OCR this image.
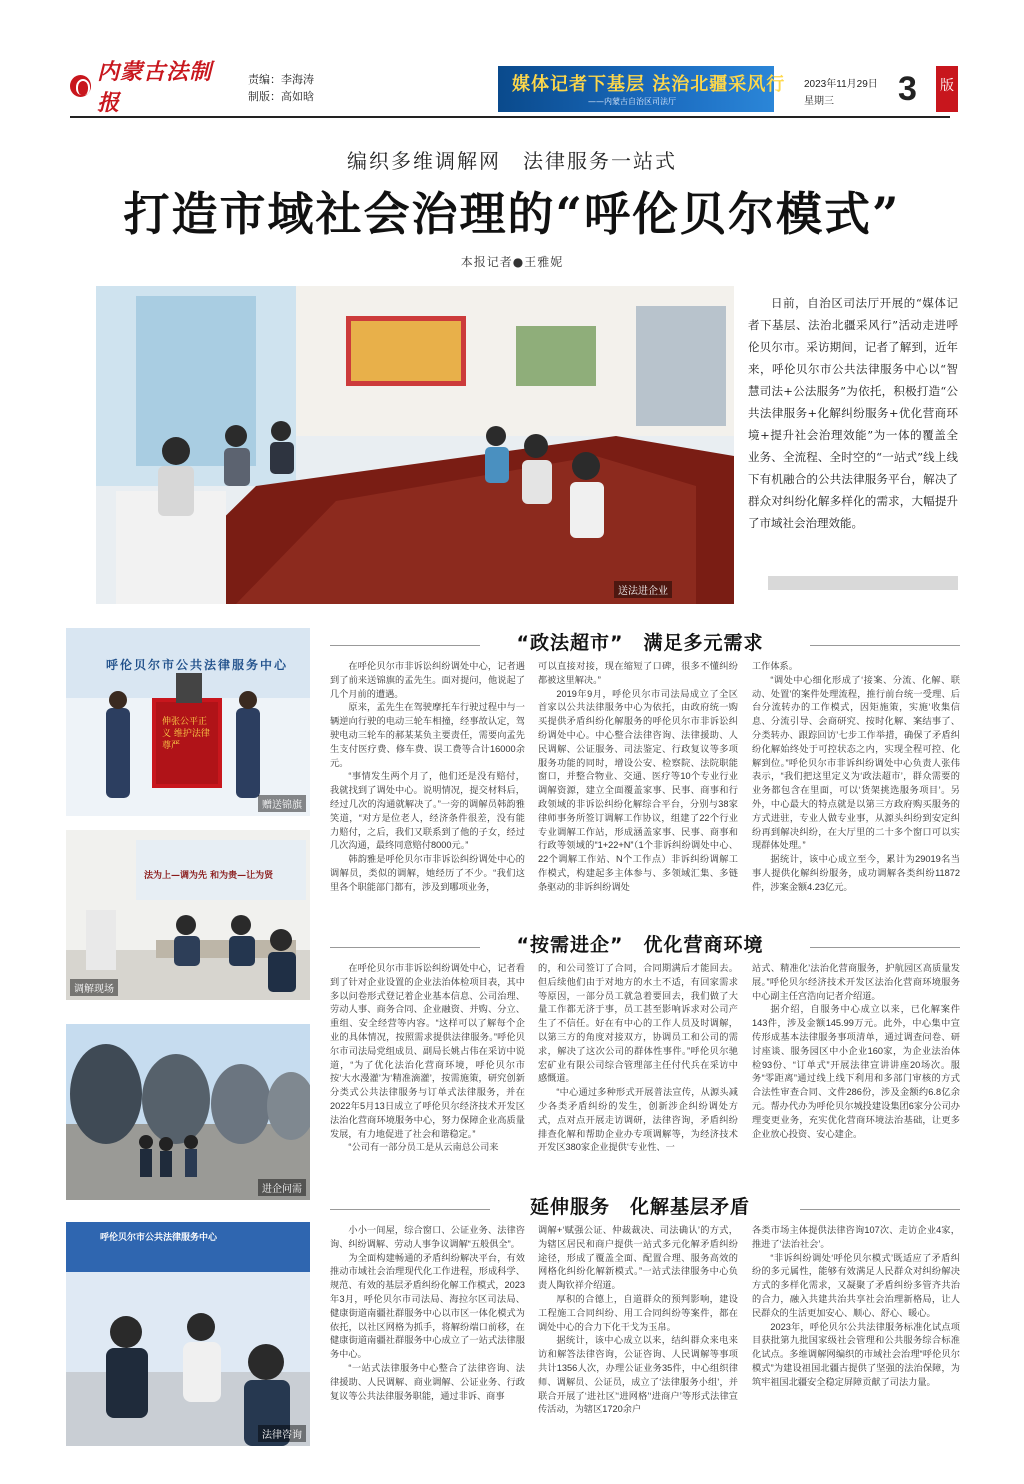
内蒙古法制报
责编：李海涛
制版：高如晗
媒体记者下基层 法治北疆采风行
——内蒙古自治区司法厅
2023年11月29日
星期三	3 版
编织多维调解网　法律服务一站式
打造市域社会治理的“呼伦贝尔模式”
本报记者●王雅妮
送法进企业
日前，自治区司法厅开展的“媒体记者下基层、法治北疆采风行”活动走进呼伦贝尔市。采访期间，记者了解到，近年来，呼伦贝尔市公共法律服务中心以“智慧司法+公法服务”为依托，积极打造“公共法律服务+化解纠纷服务+优化营商环境+提升社会治理效能”为一体的覆盖全业务、全流程、全时空的“一站式”线上线下有机融合的公共法律服务平台，解决了群众对纠纷化解多样化的需求，大幅提升了市域社会治理效能。
呼伦贝尔市公共法律服务中心
伸张公平正义 维护法律尊严
赠送锦旗
法为上—调为先 和为贵—让为贤
调解现场
进企问需
呼伦贝尔市公共法律服务中心
法律咨询
“政法超市”　满足多元需求

在呼伦贝尔市非诉讼纠纷调处中心，记者遇到了前来送锦旗的孟先生。面对提问，他说起了几个月前的遭遇。

原来，孟先生在驾驶摩托车行驶过程中与一辆逆向行驶的电动三轮车相撞，经事故认定，驾驶电动三轮车的郝某某负主要责任，需要向孟先生支付医疗费、修车费、误工费等合计16000余元。

“事情发生两个月了，他们还是没有赔付，我就找到了调处中心。说明情况，提交材料后，经过几次的沟通就解决了。”一旁的调解员韩韵雅笑道，“对方是位老人，经济条件很差，没有能力赔付，之后，我们又联系到了他的子女，经过几次沟通，最终同意赔付8000元。”

韩韵雅是呼伦贝尔市非诉讼纠纷调处中心的调解员，类似的调解，她经历了不少。“我们这里各个职能部门都有，涉及到哪项业务，

可以直接对接，现在缩短了口碑，很多不懂纠纷都被这里解决。”

2019年9月，呼伦贝尔市司法局成立了全区首家以公共法律服务中心为依托，由政府统一购买提供矛盾纠纷化解服务的呼伦贝尔市非诉讼纠纷调处中心。中心整合法律咨询、法律援助、人民调解、公证服务、司法鉴定、行政复议等多项服务功能的同时，增设公安、检察院、法院职能窗口，并整合物业、交通、医疗等10个专业行业调解资源，建立全面覆盖家事、民事、商事和行政领域的非诉讼纠纷化解综合平台，分别与38家律师事务所签订调解工作协议，组建了22个行业专业调解工作站，形成涵盖家事、民事、商事和行政等领域的“1+22+N”（1个非诉纠纷调处中心、22个调解工作站、N个工作点）非诉纠纷调解工作模式，构建起多主体参与、多领域汇集、多链条驱动的非诉纠纷调处

工作体系。

“调处中心细化形成了‘接案、分流、化解、联动、处置’的案件处理流程，推行前台统一受理、后台分流转办的工作模式，因矩施策，实施‘收集信息、分流引导、会商研究、按时化解、案结事了、分类转办、跟踪回访’七步工作举措，确保了矛盾纠纷化解始终处于可控状态之内，实现全程可控、化解到位。”呼伦贝尔市非诉纠纷调处中心负责人张伟表示，“我们把这里定义为‘政法超市’，群众需要的业务都包含在里面，可以‘货架挑选服务项目’。另外，中心最大的特点就是以第三方政府购买服务的方式进驻，专业人做专业事，从源头纠纷到安定纠纷再到解决纠纷，在大厅里的二十多个窗口可以实现群体处理。”

据统计，该中心成立至今，累计为29019名当事人提供化解纠纷服务，成功调解各类纠纷11872件，涉案金额4.23亿元。

“按需进企”　优化营商环境

在呼伦贝尔市非诉讼纠纷调处中心，记者看到了针对企业设置的企业法治体检项目表，其中多以问卷形式登记着企业基本信息、公司治理、劳动人事、商务合同、企业融资、并购、分立、重组、安全经营等内容。“这样可以了解每个企业的具体情况，按照需求提供法律服务。”呼伦贝尔市司法局党组成员、副局长姚占伟在采访中说道，“为了优化法治化营商环境，呼伦贝尔市按‘大水漫灌’为‘精准滴灌’，按需施策，研究创新分类式公共法律服务与订单式法律服务，并在2022年5月13日成立了呼伦贝尔经济技术开发区法治化营商环境服务中心，努力保障企业高质量发展，有力地促进了社会和谐稳定。”

“公司有一部分员工是从云南总公司来

的，和公司签订了合同，合同期满后才能回去。但后续他们由于对地方的水土不适，有回家需求等原因，一部分员工就急着要回去，我们做了大量工作都无济于事，员工甚至影响诉求对公司产生了不信任。好在有中心的工作人员及时调解，以第三方的角度对接双方，协调员工和公司的需求，解决了这次公司的群体性事件。”呼伦贝尔驰宏矿业有限公司综合管理部主任付代兵在采访中感慨道。

“中心通过多种形式开展普法宣传，从源头减少各类矛盾纠纷的发生，创新涉企纠纷调处方式，点对点开展走访调研，法律咨询，矛盾纠纷排查化解和帮助企业办专项调解等，为经济技术开发区380家企业提供‘专业性、一

站式、精准化’法治化营商服务，护航园区高质量发展。”呼伦贝尔经济技术开发区法治化营商环境服务中心副主任宫浩向记者介绍道。

据介绍，自服务中心成立以来，已化解案件143件，涉及金额145.99万元。此外，中心集中宣传形成基本法律服务事项清单，通过调查问卷、研讨座谈、服务园区中小企业160家，为企业法治体检93份、“订单式”开展法律宣讲讲座20场次。服务“零距离”通过线上线下利用和多部门审核的方式合法性审查合同、文件286份，涉及金额约6.8亿余元。帮办代办为呼伦贝尔城投建设集团6家分公司办理变更业务，充实优化营商环境法治基础，让更多企业放心投资、安心建企。

延伸服务　化解基层矛盾

小小一间屋，综合窗口、公证业务、法律咨询、纠纷调解、劳动人事争议调解“五般俱全”。

为全面构建畅通的矛盾纠纷解决平台，有效推动市域社会治理现代化工作进程，形成科学、规范、有效的基层矛盾纠纷化解工作模式，2023年3月，呼伦贝尔市司法局、海拉尔区司法局、健康街道南疆社群服务中心以市区一体化模式为依托，以社区网格为抓手，将解纷端口前移，在健康街道南疆社群服务中心成立了一站式法律服务中心。

“一站式法律服务中心整合了法律咨询、法律援助、人民调解、商业调解、公证业务、行政复议等公共法律服务职能，通过非诉、商事

调解+‘赋强公证、仲裁裁决、司法确认’的方式，为辖区居民和商户提供一站式多元化解矛盾纠纷途径，形成了覆盖全面、配置合理、服务高效的网格化纠纷化解新模式。”一站式法律服务中心负责人陶钦祥介绍道。

厚积的合德上，自道群众的预判影响，建设工程施工合同纠纷、用工合同纠纷等案件，都在调处中心的合力下化干戈为玉帛。

据统计，该中心成立以来，结纠群众来电来访和解答法律咨询，公证咨询、人民调解等事项共计1356人次，办理公证业务35件，中心组织律师、调解员、公证员，成立了‘法律服务小组’，并联合开展了‘进社区’‘进网格’‘进商户’等形式法律宣传活动，为辖区1720余户

各类市场主体提供法律咨询107次、走访企业4家，推进了‘法治社会’。

“非诉纠纷调处‘呼伦贝尔模式’既适应了矛盾纠纷的多元属性，能够有效满足人民群众对纠纷解决方式的多样化需求，又凝聚了矛盾纠纷多管齐共治的合力，融入共建共治共享社会治理新格局，让人民群众的生活更加安心、顺心、舒心、暖心。

2023年，呼伦贝尔公共法律服务标准化试点项目获批第九批国家级社会管理和公共服务综合标准化试点。多维调解网编织的市域社会治理“呼伦贝尔模式”为建设祖国北疆古提供了坚强的法治保障，为筑牢祖国北疆安全稳定屏障贡献了司法力量。
